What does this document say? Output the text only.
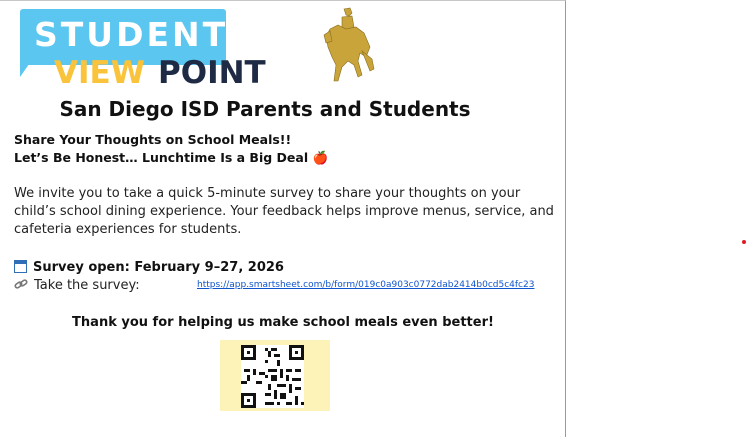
STUDENT
VIEW POINT
San Diego ISD Parents and Students
Share Your Thoughts on School Meals!!
Let’s Be Honest… Lunchtime Is a Big Deal 🍎
We invite you to take a quick 5-minute survey to share your thoughts on your child’s school dining experience. Your feedback helps improve menus, service, and cafeteria experiences for students.
Survey open: February 9–27, 2026
Take the survey:	https://app.smartsheet.com/b/form/019c0a903c0772dab2414b0cd5c4fc23
Thank you for helping us make school meals even better!
